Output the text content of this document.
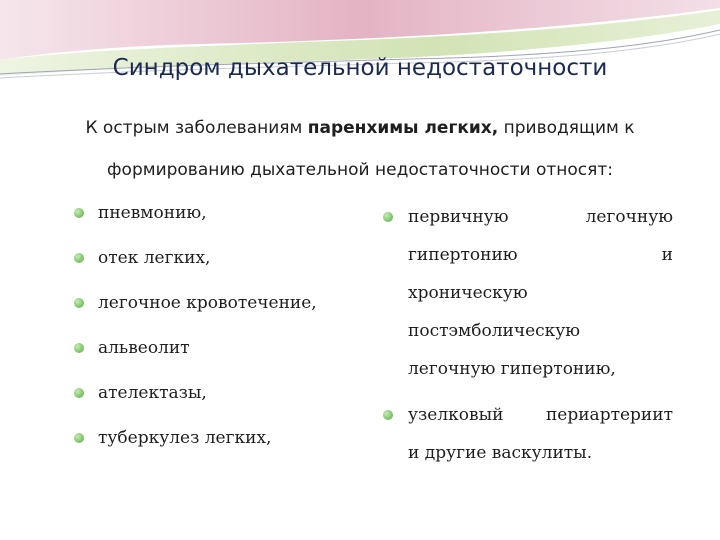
Синдром дыхательной недостаточности
К острым заболеваниям паренхимы легких, приводящим к формированию дыхательной недостаточности относят:
пневмонию,
отек легких,
легочное кровотечение,
альвеолит
ателектазы,
туберкулез легких,
первичную	легочную
гипертонию	и
хроническую
постэмболическую
легочную гипертонию,
узелковый	периартериит
и другие васкулиты.
